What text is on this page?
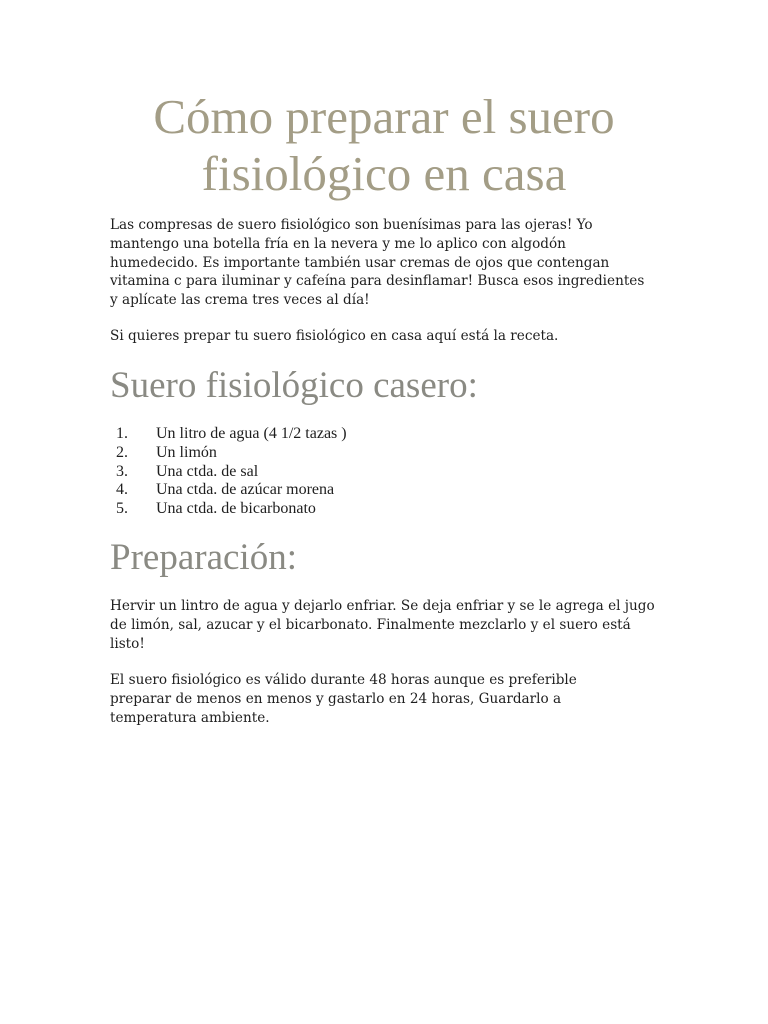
Cómo preparar el suero fisiológico en casa

Las compresas de suero fisiológico son buenísimas para las ojeras! Yo mantengo una botella fría en la nevera y me lo aplico con algodón humedecido. Es importante también usar cremas de ojos que contengan vitamina c para iluminar y cafeína para desinflamar! Busca esos ingredientes y aplícate las crema tres veces al día!

Si quieres prepar tu suero fisiológico en casa aquí está la receta.

Suero fisiológico casero:
1.	Un litro de agua (4 1/2 tazas )
2.	Un limón
3.	Una ctda. de sal
4.	Una ctda. de azúcar morena
5.	Una ctda. de bicarbonato
Preparación:

Hervir un lintro de agua y dejarlo enfriar. Se deja enfriar y se le agrega el jugo de limón, sal, azucar y el bicarbonato. Finalmente mezclarlo y el suero está listo!

El suero fisiológico es válido durante 48 horas aunque es preferible preparar de menos en menos y gastarlo en 24 horas, Guardarlo a temperatura ambiente.
